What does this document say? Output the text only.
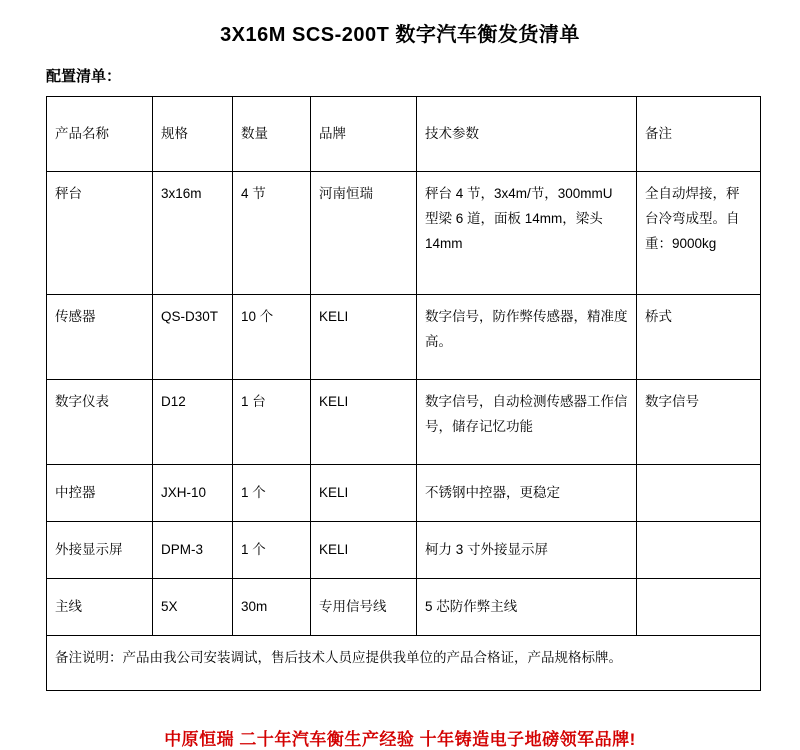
3X16M SCS-200T 数字汽车衡发货清单
配置清单：
产品名称	规格	数量	品牌	技术参数	备注
秤台	3x16m	4 节	河南恒瑞	秤台 4 节，3x4m/节，300mmU 型梁 6 道，面板 14mm，梁头 14mm	全自动焊接，秤台冷弯成型。自重：9000kg
传感器	QS-D30T	10 个	KELI	数字信号，防作弊传感器，精准度高。	桥式
数字仪表	D12	1 台	KELI	数字信号，自动检测传感器工作信号，储存记忆功能	数字信号
中控器	JXH-10	1 个	KELI	不锈钢中控器，更稳定	
外接显示屏	DPM-3	1 个	KELI	柯力 3 寸外接显示屏	
主线	5X	30m	专用信号线	5 芯防作弊主线	
备注说明：产品由我公司安装调试，售后技术人员应提供我单位的产品合格证，产品规格标牌。					
中原恒瑞 二十年汽车衡生产经验 十年铸造电子地磅领军品牌!
